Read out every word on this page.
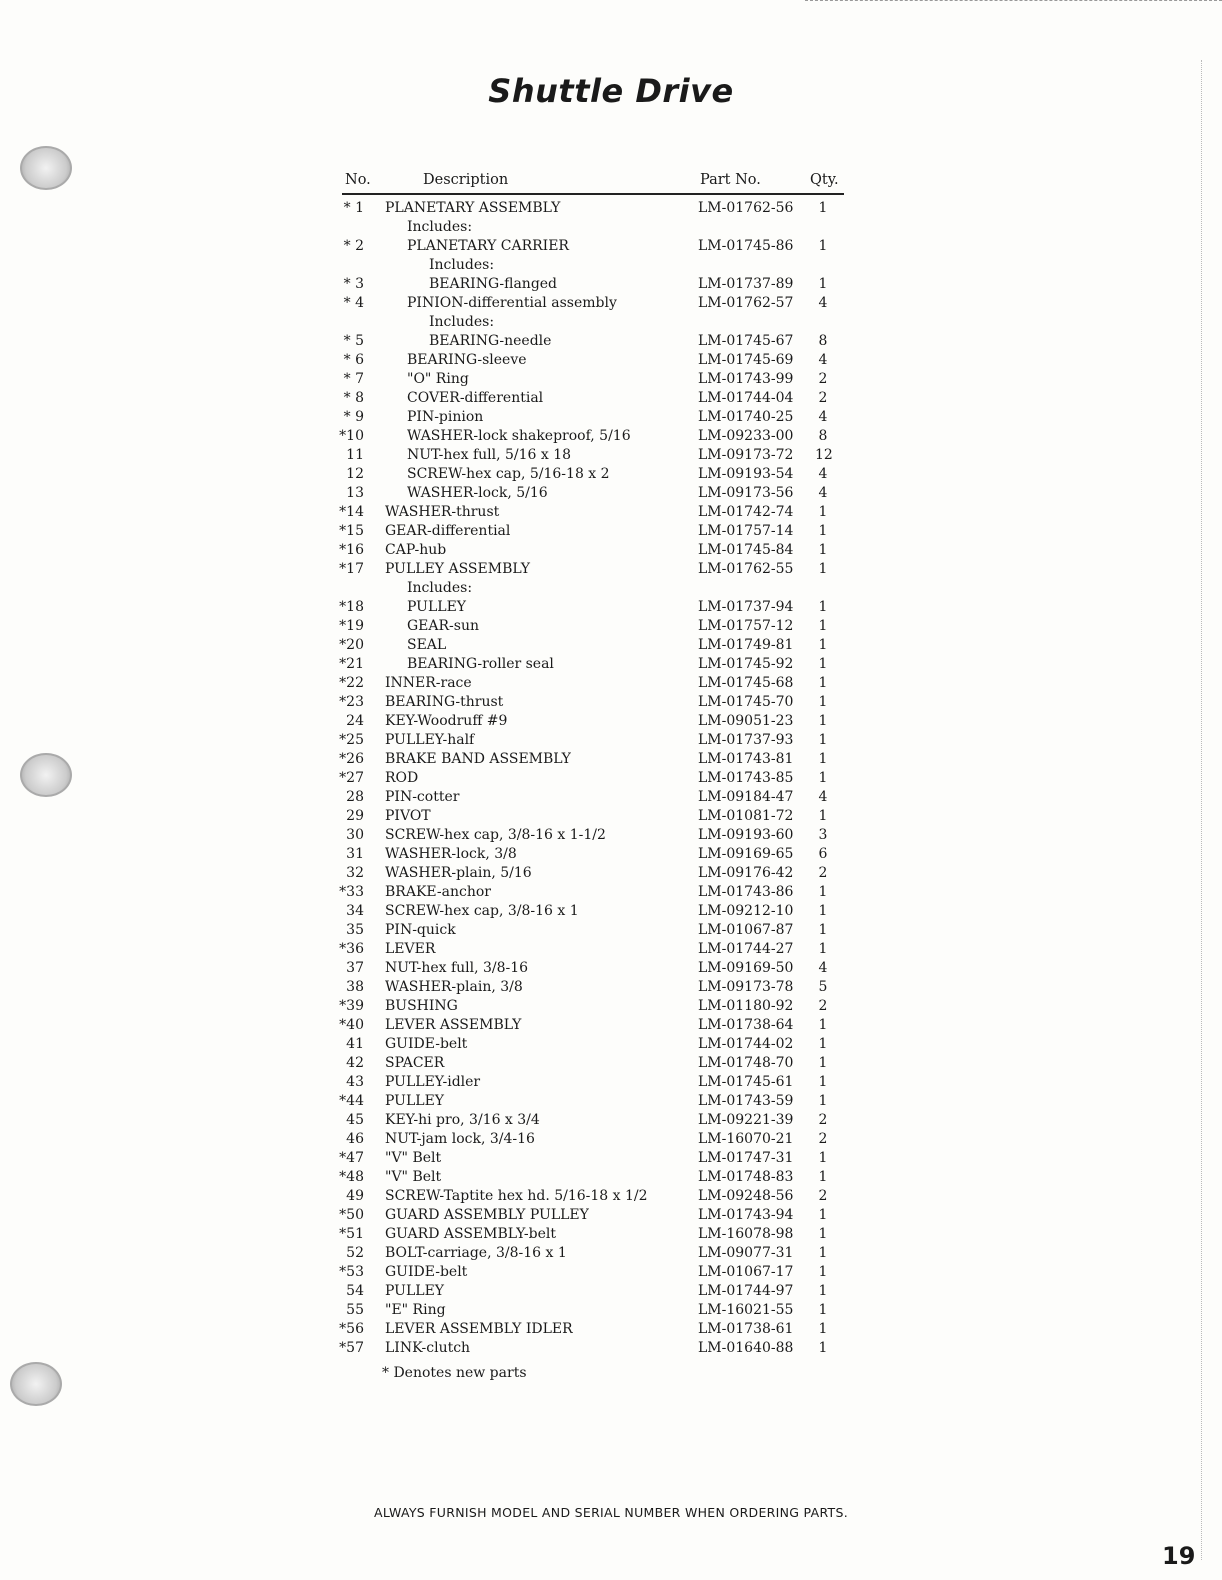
Shuttle Drive
No.	Description	Part No.	Qty.
* 1 PLANETARY ASSEMBLY	LM-01762-56 1
Includes:
* 2	PLANETARY CARRIER	LM-01745-86 1
Includes:
* 3	BEARING-flanged	LM-01737-89 1
* 4	PINION-differential assembly	LM-01762-57 4
Includes:
* 5	BEARING-needle	LM-01745-67 8
* 6	BEARING-sleeve	LM-01745-69 4
* 7	"O" Ring	LM-01743-99 2
* 8	COVER-differential	LM-01744-04 2
* 9	PIN-pinion	LM-01740-25 4
*10	WASHER-lock shakeproof, 5/16	LM-09233-00 8
11	NUT-hex full, 5/16 x 18	LM-09173-72 12
12	SCREW-hex cap, 5/16-18 x 2	LM-09193-54 4
13	WASHER-lock, 5/16	LM-09173-56 4
*14 WASHER-thrust	LM-01742-74 1
*15 GEAR-differential	LM-01757-14 1
*16 CAP-hub	LM-01745-84 1
*17 PULLEY ASSEMBLY	LM-01762-55 1
Includes:
*18	PULLEY	LM-01737-94 1
*19	GEAR-sun	LM-01757-12 1
*20	SEAL	LM-01749-81 1
*21	BEARING-roller seal	LM-01745-92 1
*22 INNER-race	LM-01745-68 1
*23 BEARING-thrust	LM-01745-70 1
24 KEY-Woodruff #9	LM-09051-23 1
*25 PULLEY-half	LM-01737-93 1
*26 BRAKE BAND ASSEMBLY	LM-01743-81 1
*27 ROD	LM-01743-85 1
28 PIN-cotter	LM-09184-47 4
29 PIVOT	LM-01081-72 1
30 SCREW-hex cap, 3/8-16 x 1-1/2	LM-09193-60 3
31 WASHER-lock, 3/8	LM-09169-65 6
32 WASHER-plain, 5/16	LM-09176-42 2
*33 BRAKE-anchor	LM-01743-86 1
34 SCREW-hex cap, 3/8-16 x 1	LM-09212-10 1
35 PIN-quick	LM-01067-87 1
*36 LEVER	LM-01744-27 1
37 NUT-hex full, 3/8-16	LM-09169-50 4
38 WASHER-plain, 3/8	LM-09173-78 5
*39 BUSHING	LM-01180-92 2
*40 LEVER ASSEMBLY	LM-01738-64 1
41 GUIDE-belt	LM-01744-02 1
42 SPACER	LM-01748-70 1
43 PULLEY-idler	LM-01745-61 1
*44 PULLEY	LM-01743-59 1
45 KEY-hi pro, 3/16 x 3/4	LM-09221-39 2
46 NUT-jam lock, 3/4-16	LM-16070-21 2
*47 "V" Belt	LM-01747-31 1
*48 "V" Belt	LM-01748-83 1
49 SCREW-Taptite hex hd. 5/16-18 x 1/2	LM-09248-56 2
*50 GUARD ASSEMBLY PULLEY	LM-01743-94 1
*51 GUARD ASSEMBLY-belt	LM-16078-98 1
52 BOLT-carriage, 3/8-16 x 1	LM-09077-31 1
*53 GUIDE-belt	LM-01067-17 1
54 PULLEY	LM-01744-97 1
55 "E" Ring	LM-16021-55 1
*56 LEVER ASSEMBLY IDLER	LM-01738-61 1
*57 LINK-clutch	LM-01640-88 1
* Denotes new parts
ALWAYS FURNISH MODEL AND SERIAL NUMBER WHEN ORDERING PARTS.
19
